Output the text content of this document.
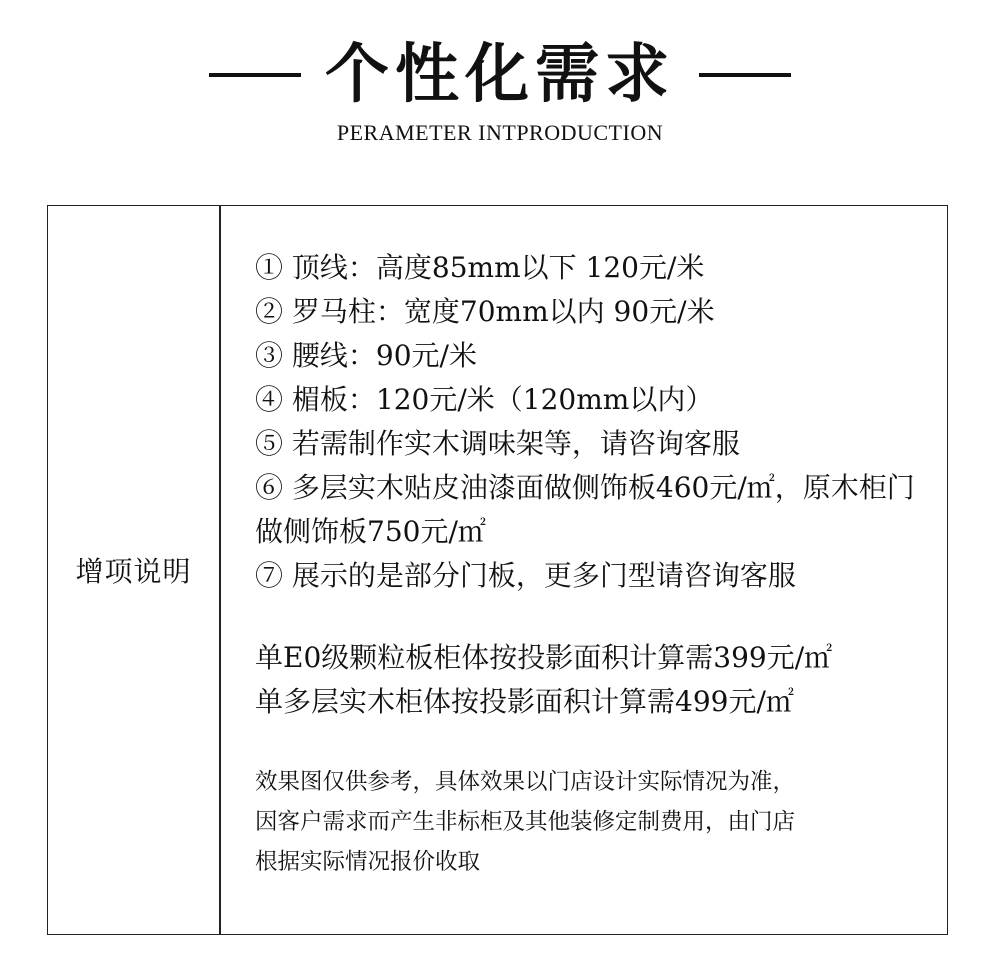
个性化需求
PERAMETER INTPRODUCTION
增项说明
① 顶线：高度85mm以下 120元/米
② 罗马柱：宽度70mm以内 90元/米
③ 腰线：90元/米
④ 楣板：120元/米（120mm以内）
⑤ 若需制作实木调味架等，请咨询客服
⑥ 多层实木贴皮油漆面做侧饰板460元/㎡，原木柜门做侧饰板750元/㎡
⑦ 展示的是部分门板，更多门型请咨询客服
单E0级颗粒板柜体按投影面积计算需399元/㎡
单多层实木柜体按投影面积计算需499元/㎡
效果图仅供参考，具体效果以门店设计实际情况为准，
因客户需求而产生非标柜及其他装修定制费用，由门店
根据实际情况报价收取
